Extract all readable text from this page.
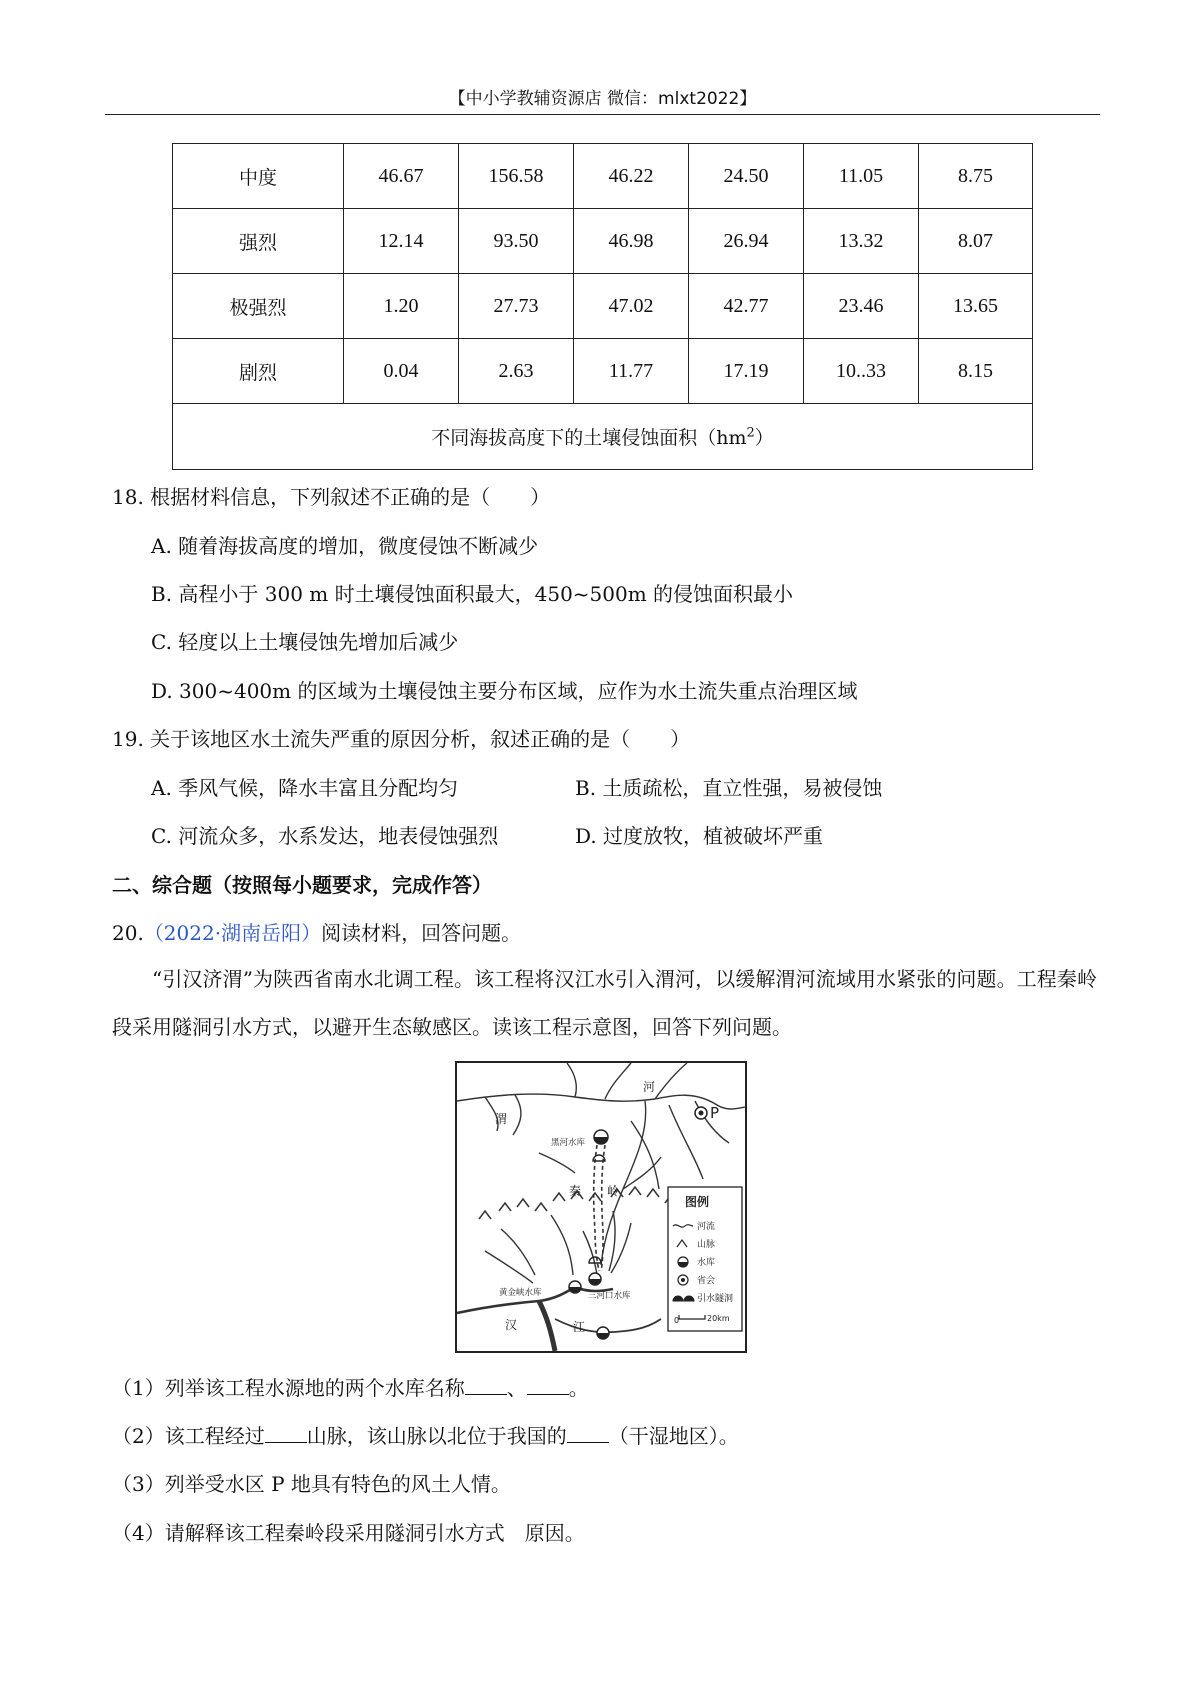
【中小学教辅资源店 微信：mlxt2022】
中度	46.67	156.58	46.22	24.50	11.05	8.75
强烈	12.14	93.50	46.98	26.94	13.32	8.07
极强烈	1.20	27.73	47.02	42.77	23.46	13.65
剧烈	0.04	2.63	11.77	17.19	10..33	8.15
不同海拔高度下的土壤侵蚀面积$(hm^2)$						
18. 根据材料信息，下列叙述不正确的是（　　）
A. 随着海拔高度的增加，微度侵蚀不断减少
B. 高程小于 300 m 时土壤侵蚀面积最大，450~500m 的侵蚀面积最小
C. 轻度以上土壤侵蚀先增加后减少
D. 300~400m 的区域为土壤侵蚀主要分布区域，应作为水土流失重点治理区域
19. 关于该地区水土流失严重的原因分析，叙述正确的是（　　）
A. 季风气候，降水丰富且分配均匀	B. 土质疏松，直立性强，易被侵蚀
C. 河流众多，水系发达，地表侵蚀强烈	D. 过度放牧，植被破坏严重
二、综合题（按照每小题要求，完成作答）
20.（2022·湖南岳阳）阅读材料，回答问题。
“引汉济渭”为陕西省南水北调工程。该工程将汉江水引入渭河，以缓解渭河流域用水紧张的问题。工程秦岭段采用隧洞引水方式，以避开生态敏感区。读该工程示意图，回答下列问题。
渭
河
P
黑河水库
秦 岭
黄金峡水库	三河口水库
汉	江
图例
河流
山脉
水库
省会
引水隧洞
0	20km
（1）列举该工程水源地的两个水库名称 、 。
（2）该工程经过 山脉，该山脉以北位于我国的 （干湿地区）。
（3）列举受水区 P 地具有特色的风土人情。
（4）请解释该工程秦岭段采用隧洞引水方式　原因。
